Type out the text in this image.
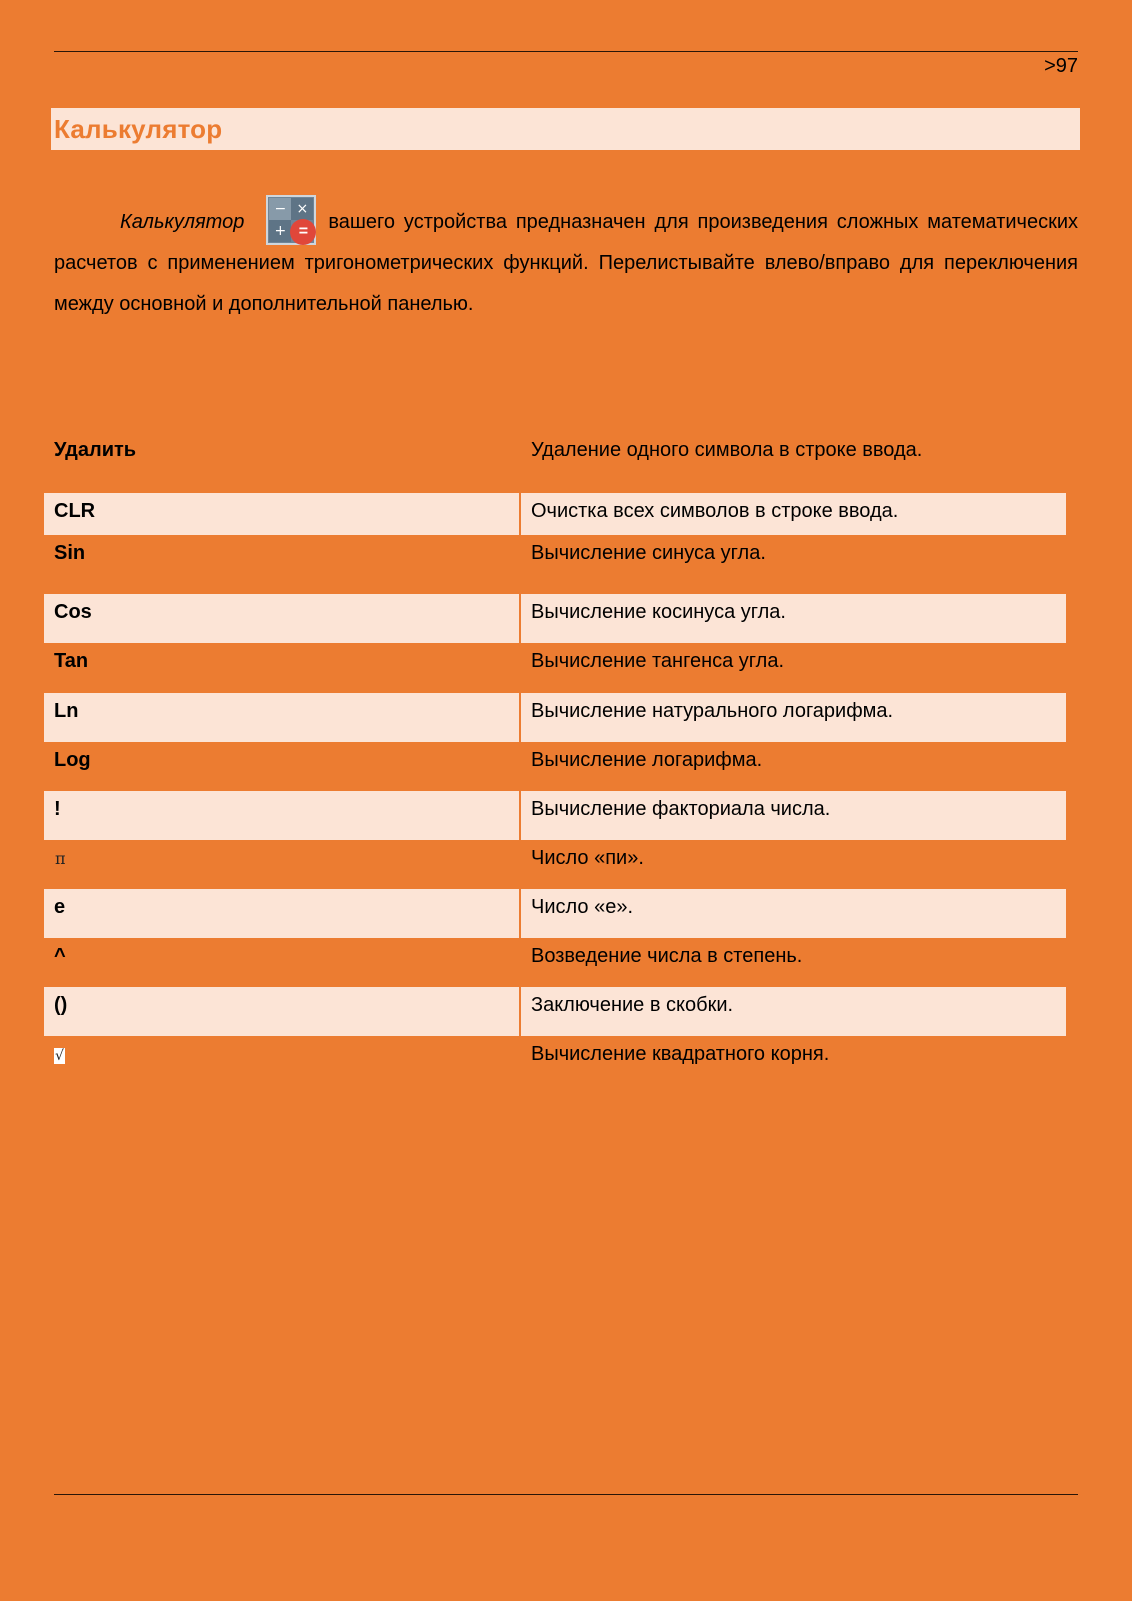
>97
Калькулятор

Калькулятор
− ×
+ =	вашего устройства предназначен для произведения сложных математических расчетов с применением тригонометрических функций. Перелистывайте влево/вправо для переключения между основной и дополнительной панелью.

Удалить	Удаление одного символа в строке ввода.
CLR	Очистка всех символов в строке ввода.
Sin	Вычисление синуса угла.
Cos	Вычисление косинуса угла.
Tan	Вычисление тангенса угла.
Ln	Вычисление натурального логарифма.
Log	Вычисление логарифма.
!	Вычисление факториала числа.
π	Число «пи».
e	Число «е».
^	Возведение числа в степень.
()	Заключение в скобки.
√	Вычисление квадратного корня.
